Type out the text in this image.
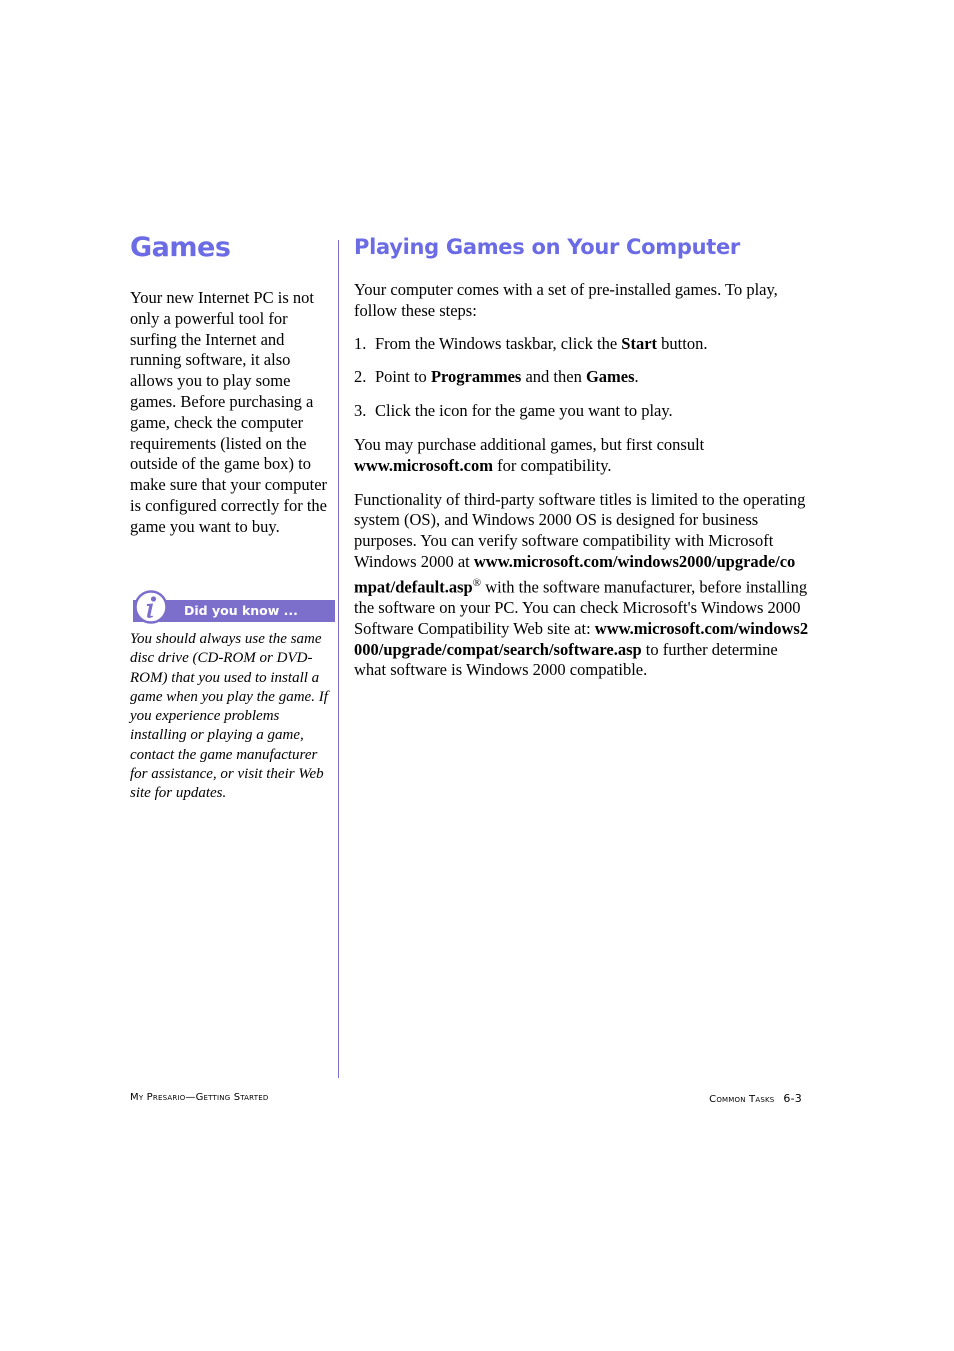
Games
Your new Internet PC is not only a powerful tool for surfing the Internet and running software, it also allows you to play some games. Before purchasing a game, check the computer requirements (listed on the outside of the game box) to make sure that your computer is configured correctly for the game you want to buy.
Did you know ...
You should always use the same disc drive (CD-ROM or DVD-ROM) that you used to install a game when you play the game. If you experience problems installing or playing a game, contact the game manufacturer for assistance, or visit their Web site for updates.
Playing Games on Your Computer

Your computer comes with a set of pre-installed games. To play, follow these steps:

1. From the Windows taskbar, click the Start button.
2. Point to Programmes and then Games.
3. Click the icon for the game you want to play.

You may purchase additional games, but first consult
www.microsoft.com for compatibility.

Functionality of third-party software titles is limited to the operating system (OS), and Windows 2000 OS is designed for business purposes. You can verify software compatibility with Microsoft Windows 2000 at www.microsoft.com/windows2000/upgrade/compat/default.asp® with the software manufacturer, before installing the software on your PC. You can check Microsoft's Windows 2000 Software Compatibility Web site at: www.microsoft.com/windows2000/upgrade/compat/search/software.asp to further determine what software is Windows 2000 compatible.

My Presario—Getting Started	Common Tasks 6-3
